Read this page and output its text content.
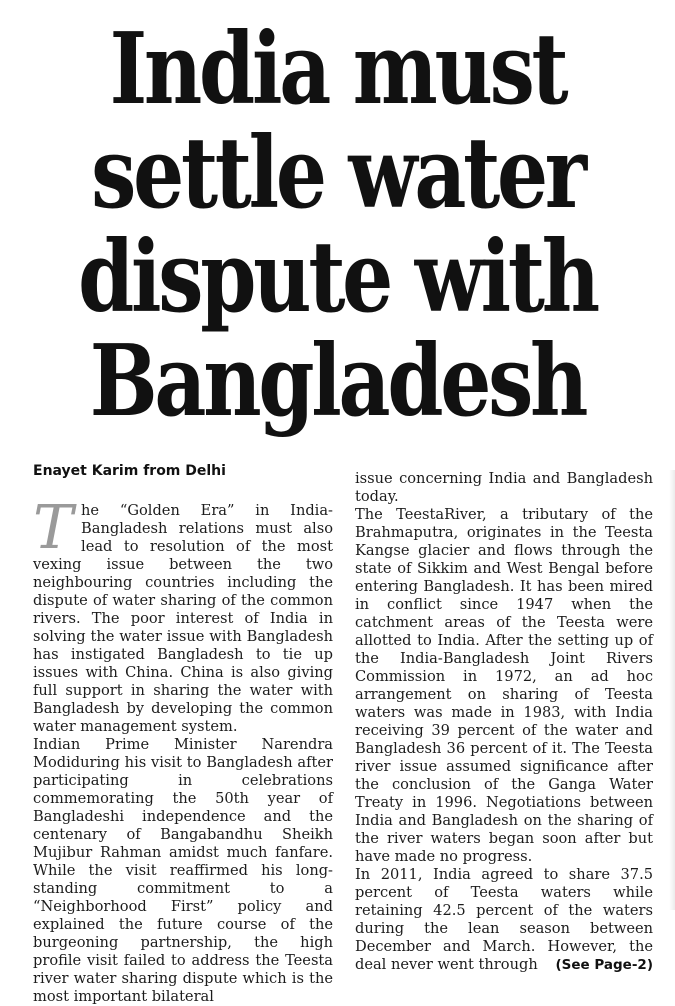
India must
settle water
dispute with
Bangladesh
Enayet Karim from Delhi

The “Golden Era” in India-Bangladesh relations must also lead to resolution of the most vexing issue between the two neighbouring countries including the dispute of water sharing of the common rivers. The poor interest of India in solving the water issue with Bangladesh has instigated Bangladesh to tie up issues with China. China is also giving full support in sharing the water with Bangladesh by developing the common water management system.

Indian Prime Minister Narendra Modiduring his visit to Bangladesh after participating in celebrations commemorating the 50th year of Bangladeshi independence and the centenary of Bangabandhu Sheikh Mujibur Rahman amidst much fanfare. While the visit reaffirmed his long-standing commitment to a “Neighborhood First” policy and explained the future course of the burgeoning partnership, the high profile visit failed to address the Teesta river water sharing dispute which is the most important bilateral

issue concerning India and Bangladesh today.

The TeestaRiver, a tributary of the Brahmaputra, originates in the Teesta Kangse glacier and flows through the state of Sikkim and West Bengal before entering Bangladesh. It has been mired in conflict since 1947 when the catchment areas of the Teesta were allotted to India. After the setting up of the India-Bangladesh Joint Rivers Commission in 1972, an ad hoc arrangement on sharing of Teesta waters was made in 1983, with India receiving 39 percent of the water and Bangladesh 36 percent of it. The Teesta river issue assumed significance after the conclusion of the Ganga Water Treaty in 1996. Negotiations between India and Bangladesh on the sharing of the river waters began soon after but have made no progress.

In 2011, India agreed to share 37.5 percent of Teesta waters while retaining 42.5 percent of the waters during the lean season between December and March. However, the deal never went through (See Page-2)
